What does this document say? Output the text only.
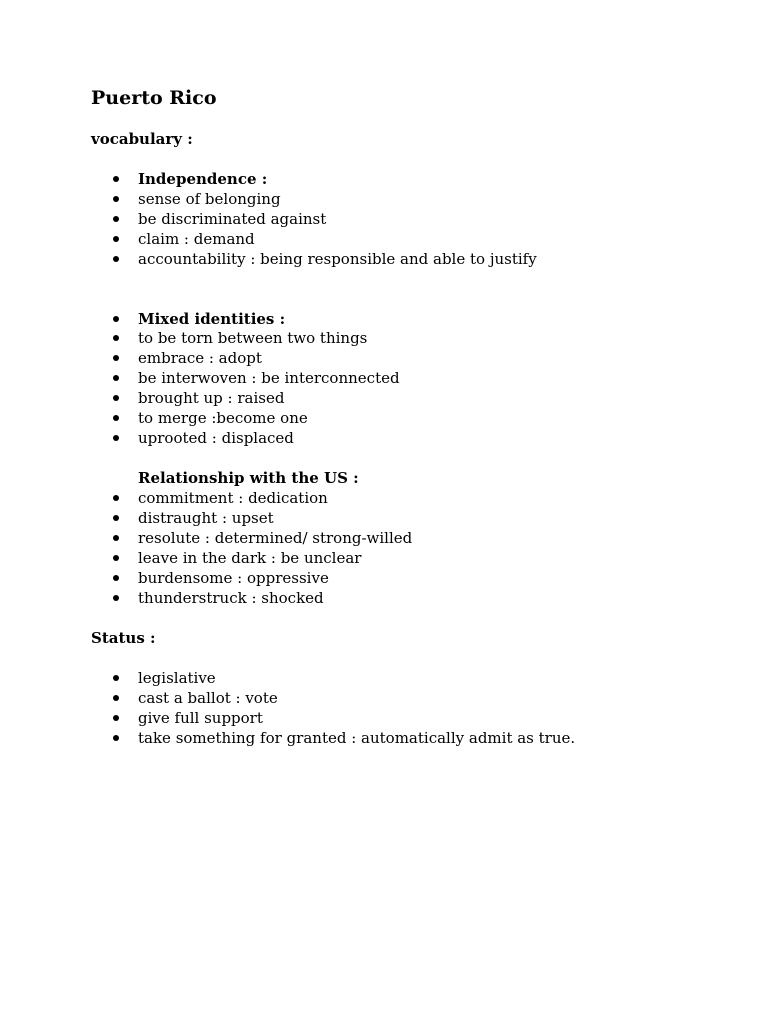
Puerto Rico
vocabulary :
Independence :
sense of belonging
be discriminated against
claim : demand
accountability : being responsible and able to justify
Mixed identities :
to be torn between two things
embrace : adopt
be interwoven : be interconnected
brought up : raised
to merge :become one
uprooted : displaced
Relationship with the US :
commitment : dedication
distraught : upset
resolute : determined/ strong-willed
leave in the dark : be unclear
burdensome : oppressive
thunderstruck : shocked
Status :
legislative
cast a ballot : vote
give full support
take something for granted : automatically admit as true.
